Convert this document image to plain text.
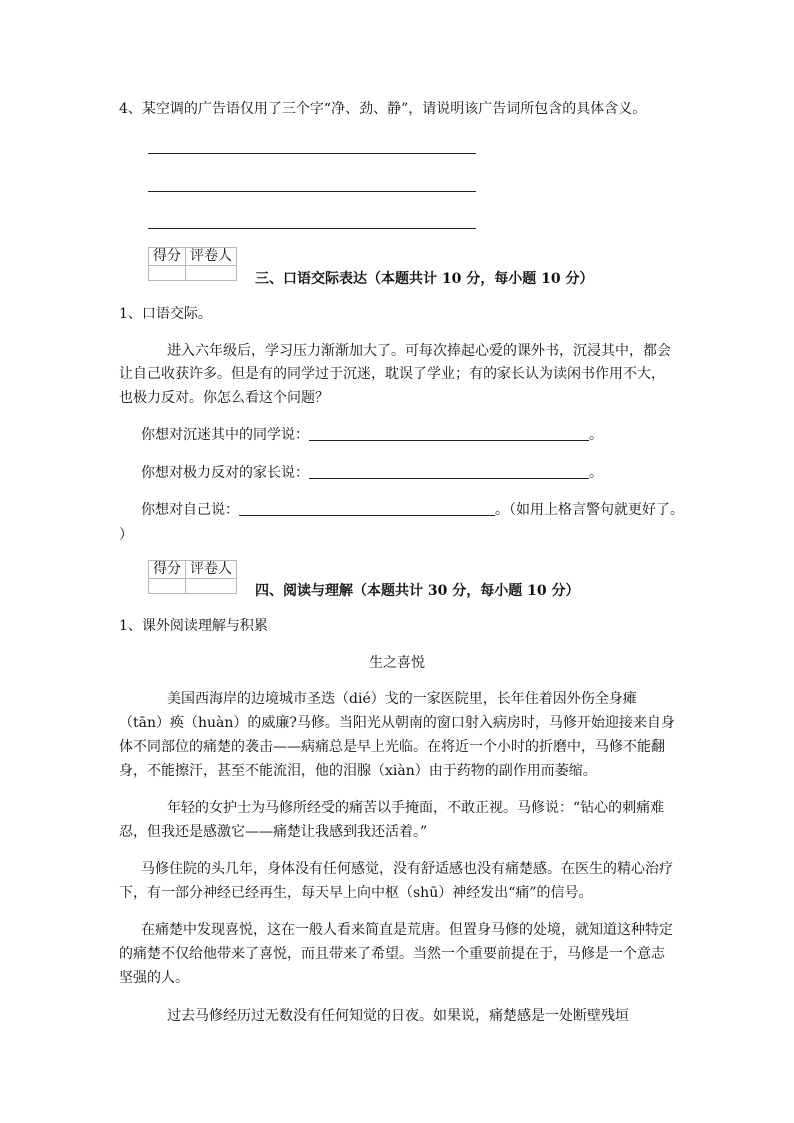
4、某空调的广告语仅用了三个字“净、劲、静”，请说明该广告词所包含的具体含义。
得分	评卷人

三、口语交际表达（本题共计 10 分，每小题 10 分）
1、口语交际。
进入六年级后，学习压力渐渐加大了。可每次捧起心爱的课外书，沉浸其中，都会
让自己收获许多。但是有的同学过于沉迷，耽误了学业；有的家长认为读闲书作用不大，
也极力反对。你怎么看这个问题？
你想对沉迷其中的同学说：	。
你想对极力反对的家长说：	。
你想对自己说：	。（如用上格言警句就更好了。
）
得分	评卷人

四、阅读与理解（本题共计 30 分，每小题 10 分）
1、课外阅读理解与积累
生之喜悦
美国西海岸的边境城市圣迭（dié）戈的一家医院里，长年住着因外伤全身瘫
（tān）痪（huàn）的威廉?马修。当阳光从朝南的窗口射入病房时，马修开始迎接来自身
体不同部位的痛楚的袭击——病痛总是早上光临。在将近一个小时的折磨中，马修不能翻
身，不能擦汗，甚至不能流泪，他的泪腺（xiàn）由于药物的副作用而萎缩。
年轻的女护士为马修所经受的痛苦以手掩面，不敢正视。马修说：“钻心的刺痛难
忍，但我还是感激它——痛楚让我感到我还活着。”
马修住院的头几年，身体没有任何感觉，没有舒适感也没有痛楚感。在医生的精心治疗
下，有一部分神经已经再生，每天早上向中枢（shū）神经发出“痛”的信号。
在痛楚中发现喜悦，这在一般人看来简直是荒唐。但置身马修的处境，就知道这种特定
的痛楚不仅给他带来了喜悦，而且带来了希望。当然一个重要前提在于，马修是一个意志
坚强的人。
过去马修经历过无数没有任何知觉的日夜。如果说，痛楚感是一处断壁残垣
